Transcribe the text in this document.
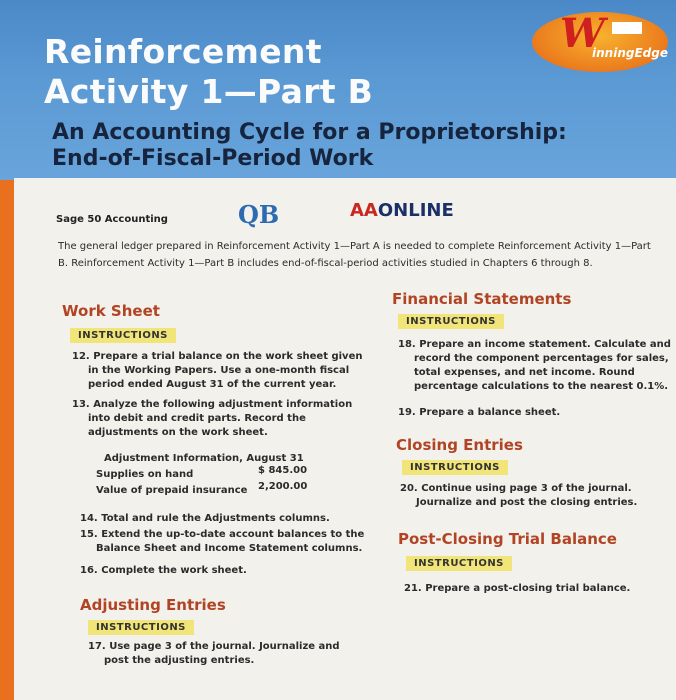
Reinforcement
Activity 1—Part B
An Accounting Cycle for a Proprietorship:
End-of-Fiscal-Period Work
W
inningEdge
Sage 50 Accounting	QB	AAONLINE

The general ledger prepared in Reinforcement Activity 1—Part A is needed to complete Reinforcement Activity 1—Part B. Reinforcement Activity 1—Part B includes end-of-fiscal-period activities studied in Chapters 6 through 8.

Work Sheet
INSTRUCTIONS

12. Prepare a trial balance on the work sheet given in the Working Papers. Use a one-month fiscal period ended August 31 of the current year.

13. Analyze the following adjustment information into debit and credit parts. Record the adjustments on the work sheet.

Adjustment Information, August 31
Supplies on hand	$ 845.00
Value of prepaid insurance 2,200.00

14. Total and rule the Adjustments columns.

15. Extend the up-to-date account balances to the Balance Sheet and Income Statement columns.

16. Complete the work sheet.

Adjusting Entries
INSTRUCTIONS

17. Use page 3 of the journal. Journalize and post the adjusting entries.

Financial Statements
INSTRUCTIONS

18. Prepare an income statement. Calculate and record the component percentages for sales, total expenses, and net income. Round percentage calculations to the nearest 0.1%.

19. Prepare a balance sheet.

Closing Entries
INSTRUCTIONS

20. Continue using page 3 of the journal. Journalize and post the closing entries.

Post-Closing Trial Balance
INSTRUCTIONS

21. Prepare a post-closing trial balance.
